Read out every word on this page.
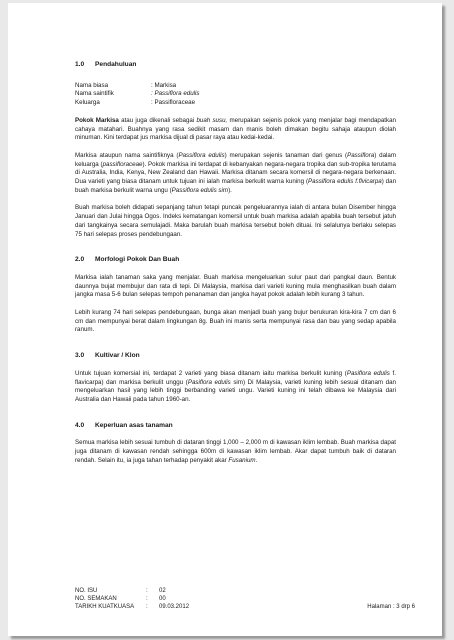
1.0	Pendahuluan
Nama biasa	: Markisa
Nama saintifik	: Passiflora edulis
Keluarga	: Passifloraceae

Pokok Markisa atau juga dikenali sebagai buah susu, merupakan sejenis pokok yang menjalar bagi mendapatkan cahaya matahari. Buahnya yang rasa sedikit masam dan manis boleh dimakan begitu sahaja ataupun diolah minuman. Kini terdapat jus markisa dijual di pasar raya atau kedai-kedai.

Markisa ataupun nama saintifiknya (Passiflora edulis) merupakan sejenis tanaman dari genus (Passiflora) dalam keluarga (passifloraceae). Pokok markisa ini terdapat di kebanyakan negara-negara tropika dan sub-tropika terutama di Australia, India, Kenya, New Zealand dan Hawaii. Markisa ditanam secara komersil di negara-negara berkenaan. Dua varieti yang biasa ditanam untuk tujuan ini ialah markisa berkulit warna kuning (Passiflora edulis f.flvicarpa) dan buah markisa berkulit warna ungu (Passiflora edulis sim).

Buah markisa boleh didapati sepanjang tahun tetapi puncak pengeluarannya ialah di antara bulan Disember hingga Januari dan Julai hingga Ogos. Indeks kematangan komersil untuk buah markisa adalah apabila buah tersebut jatuh dari tangkainya secara semulajadi. Maka barulah buah markisa tersebut boleh dituai. Ini selalunya berlaku selepas 75 hari selepas proses pendebungaan.

2.0	Morfologi Pokok Dan Buah

Markisa ialah tanaman saka yang menjalar. Buah markisa mengeluarkan sulur paut dari pangkal daun. Bentuk daunnya bujat membujur dan rata di tepi. Di Malaysia, markisa dari varieti kuning mula menghasilkan buah dalam jangka masa 5-6 bulan selepas tempoh penanaman dan jangka hayat pokok adalah lebih kurang 3 tahun.

Lebih kurang 74 hari selepas pendebungaan, bunga akan menjadi buah yang bujur berukuran kira-kira 7 cm dan 6 cm dan mempunyai berat dalam lingkungan 8g. Buah ini manis serta mempunyai rasa dan bau yang sedap apabila ranum.

3.0	Kultivar / Klon

Untuk tujuan komersial ini, terdapat 2 varieti yang biasa ditanam iaitu markisa berkulit kuning (Pasiflora edulis f. flavicarpa) dan markisa berkulit unggu (Pasiflora edulis sim) Di Malaysia, varieti kuning lebih sesuai ditanam dan mengeluarkan hasil yang lebih tinggi berbanding varieti ungu. Varieti kuning ini telah dibawa ke Malaysia dari Australia dan Hawaii pada tahun 1960-an.

4.0	Keperluan asas tanaman

Semua markisa lebih sesuai tumbuh di dataran tinggi 1,000 – 2,000 m di kawasan iklim lembab. Buah markisa dapat juga ditanam di kawasan rendah sehingga 600m di kawasan iklim lembab. Akar dapat tumbuh baik di dataran rendah. Selain itu, ia juga tahan terhadap penyakit akar Fusanium.

NO. ISU	:	02
NO. SEMAKAN	:	00
TARIKH KUATKUASA	:	09.03.2012	Halaman : 3 drp 6
